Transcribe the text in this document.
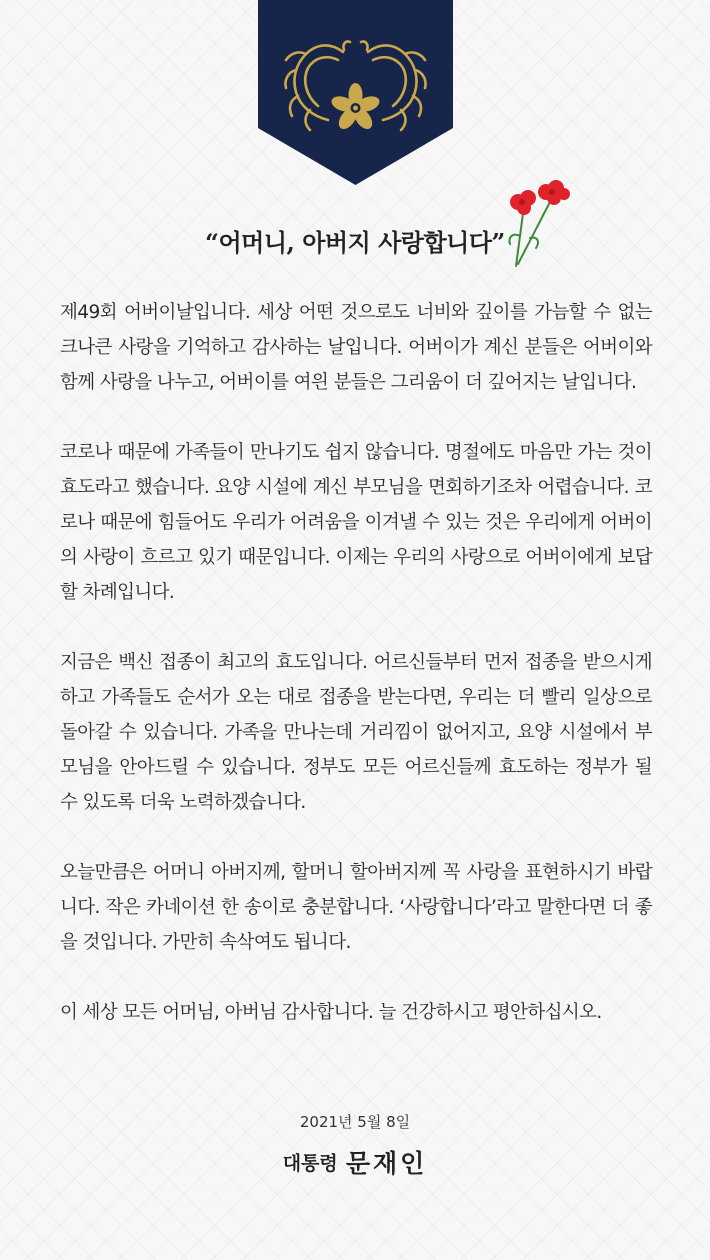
“어머니, 아버지 사랑합니다”

제49회 어버이날입니다. 세상 어떤 것으로도 너비와 깊이를 가늠할 수 없는 크나큰 사랑을 기억하고 감사하는 날입니다. 어버이가 계신 분들은 어버이와 함께 사랑을 나누고, 어버이를 여읜 분들은 그리움이 더 깊어지는 날입니다.

코로나 때문에 가족들이 만나기도 쉽지 않습니다. 명절에도 마음만 가는 것이 효도라고 했습니다. 요양 시설에 계신 부모님을 면회하기조차 어렵습니다. 코로나 때문에 힘들어도 우리가 어려움을 이겨낼 수 있는 것은 우리에게 어버이의 사랑이 흐르고 있기 때문입니다. 이제는 우리의 사랑으로 어버이에게 보답할 차례입니다.

지금은 백신 접종이 최고의 효도입니다. 어르신들부터 먼저 접종을 받으시게 하고 가족들도 순서가 오는 대로 접종을 받는다면, 우리는 더 빨리 일상으로 돌아갈 수 있습니다. 가족을 만나는데 거리낌이 없어지고, 요양 시설에서 부모님을 안아드릴 수 있습니다. 정부도 모든 어르신들께 효도하는 정부가 될 수 있도록 더욱 노력하겠습니다.

오늘만큼은 어머니 아버지께, 할머니 할아버지께 꼭 사랑을 표현하시기 바랍니다. 작은 카네이션 한 송이로 충분합니다. ‘사랑합니다’라고 말한다면 더 좋을 것입니다. 가만히 속삭여도 됩니다.

이 세상 모든 어머님, 아버님 감사합니다. 늘 건강하시고 평안하십시오.

2021년 5월 8일
대통령 문재인
